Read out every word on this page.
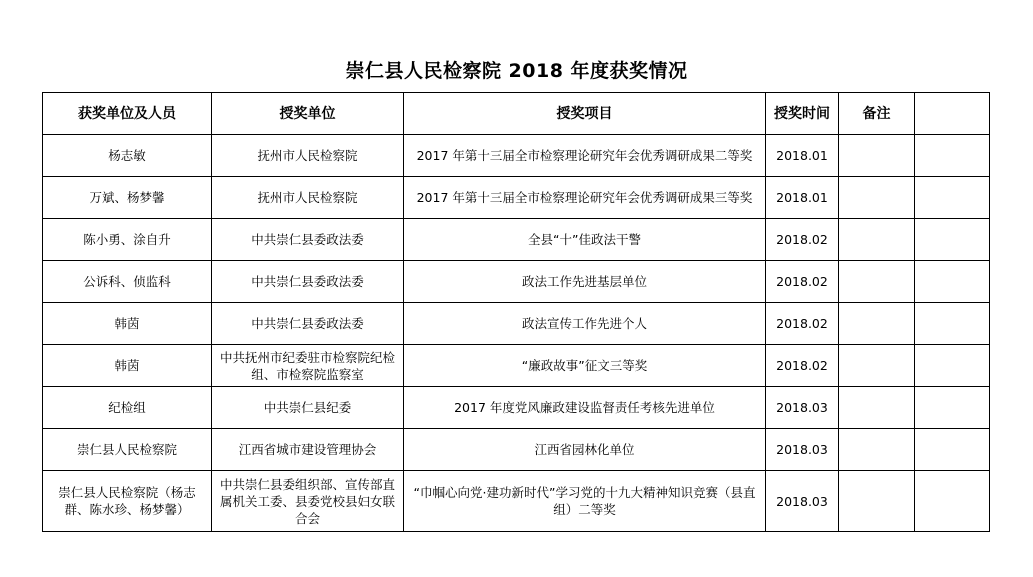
崇仁县人民检察院 2018 年度获奖情况
获奖单位及人员	授奖单位	授奖项目	授奖时间	备注	
杨志敏	抚州市人民检察院	2017 年第十三届全市检察理论研究年会优秀调研成果二等奖	2018.01		
万斌、杨梦馨	抚州市人民检察院	2017 年第十三届全市检察理论研究年会优秀调研成果三等奖	2018.01		
陈小勇、涂自升	中共崇仁县委政法委	全县“十”佳政法干警	2018.02		
公诉科、侦监科	中共崇仁县委政法委	政法工作先进基层单位	2018.02		
韩茵	中共崇仁县委政法委	政法宣传工作先进个人	2018.02		
韩茵	中共抚州市纪委驻市检察院纪检组、市检察院监察室	“廉政故事”征文三等奖	2018.02		
纪检组	中共崇仁县纪委	2017 年度党风廉政建设监督责任考核先进单位	2018.03		
崇仁县人民检察院	江西省城市建设管理协会	江西省园林化单位	2018.03		
崇仁县人民检察院（杨志群、陈水珍、杨梦馨）	中共崇仁县委组织部、宣传部直属机关工委、县委党校县妇女联合会	“巾帼心向党·建功新时代”学习党的十九大精神知识竞赛（县直组）二等奖	2018.03		
